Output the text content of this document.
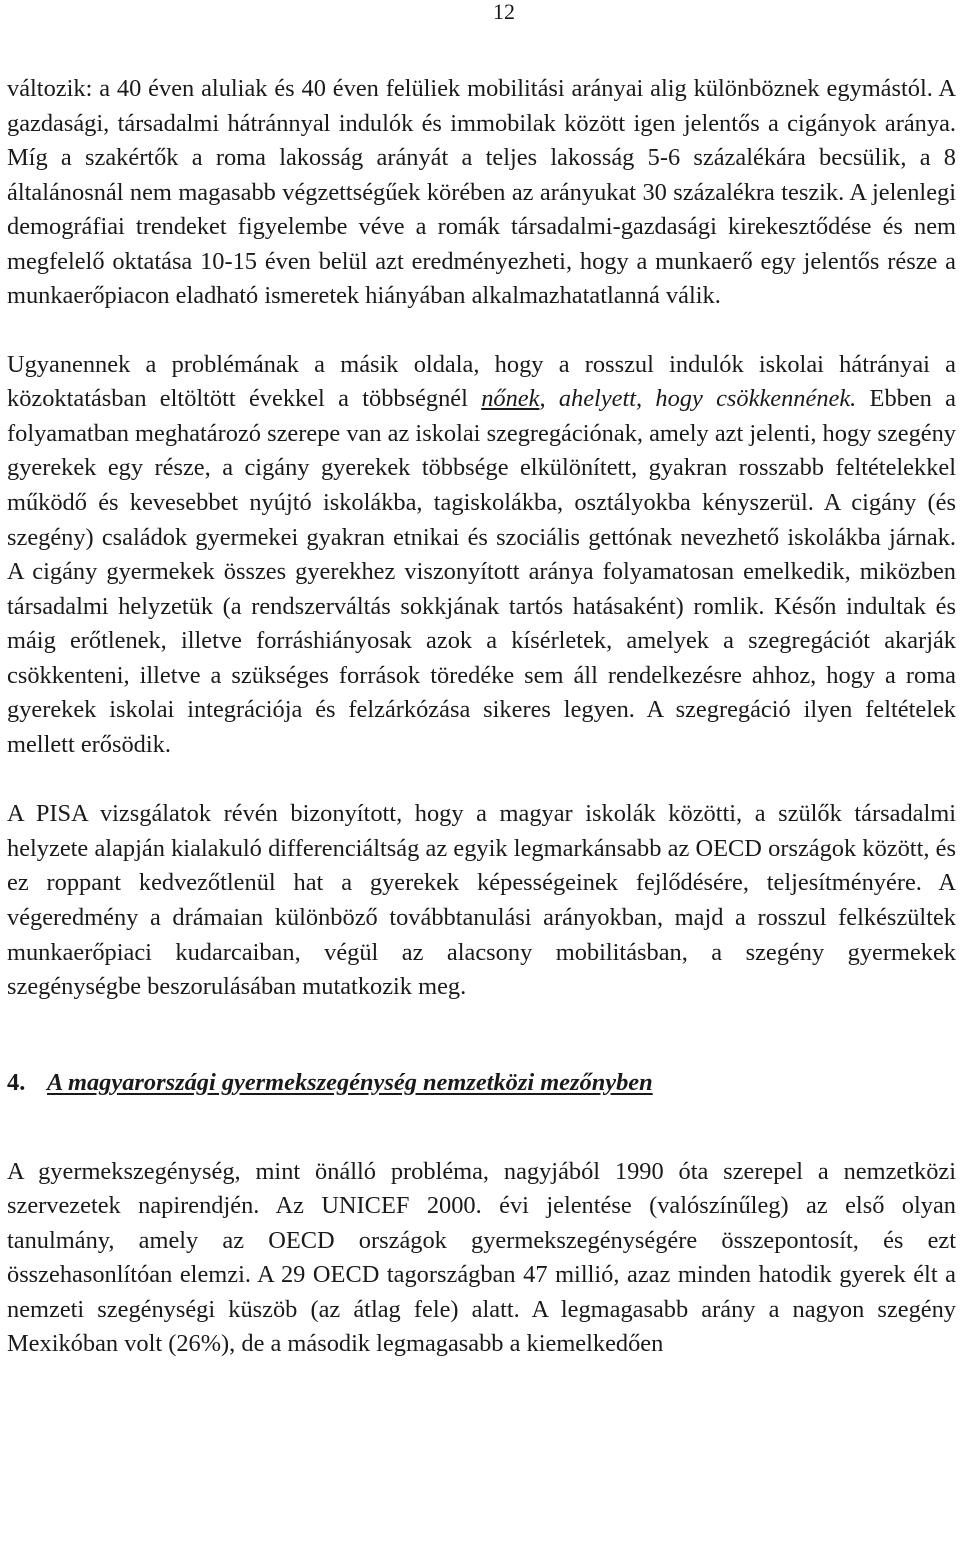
12

változik: a 40 éven aluliak és 40 éven felüliek mobilitási arányai alig különböznek egymástól. A gazdasági, társadalmi hátránnyal indulók és immobilak között igen jelentős a cigányok aránya. Míg a szakértők a roma lakosság arányát a teljes lakosság 5-6 százalékára becsülik, a 8 általánosnál nem magasabb végzettségűek körében az arányukat 30 százalékra teszik. A jelenlegi demográfiai trendeket figyelembe véve a romák társadalmi-gazdasági kirekesztődése és nem megfelelő oktatása 10-15 éven belül azt eredményezheti, hogy a munkaerő egy jelentős része a munkaerőpiacon eladható ismeretek hiányában alkalmazhatatlanná válik.

Ugyanennek a problémának a másik oldala, hogy a rosszul indulók iskolai hátrányai a közoktatásban eltöltött évekkel a többségnél nőnek, ahelyett, hogy csökkennének. Ebben a folyamatban meghatározó szerepe van az iskolai szegregációnak, amely azt jelenti, hogy szegény gyerekek egy része, a cigány gyerekek többsége elkülönített, gyakran rosszabb feltételekkel működő és kevesebbet nyújtó iskolákba, tagiskolákba, osztályokba kényszerül. A cigány (és szegény) családok gyermekei gyakran etnikai és szociális gettónak nevezhető iskolákba járnak. A cigány gyermekek összes gyerekhez viszonyított aránya folyamatosan emelkedik, miközben társadalmi helyzetük (a rendszerváltás sokkjának tartós hatásaként) romlik. Későn indultak és máig erőtlenek, illetve forráshiányosak azok a kísérletek, amelyek a szegregációt akarják csökkenteni, illetve a szükséges források töredéke sem áll rendelkezésre ahhoz, hogy a roma gyerekek iskolai integrációja és felzárkózása sikeres legyen. A szegregáció ilyen feltételek mellett erősödik.

A PISA vizsgálatok révén bizonyított, hogy a magyar iskolák közötti, a szülők társadalmi helyzete alapján kialakuló differenciáltság az egyik legmarkánsabb az OECD országok között, és ez roppant kedvezőtlenül hat a gyerekek képességeinek fejlődésére, teljesítményére. A végeredmény a drámaian különböző továbbtanulási arányokban, majd a rosszul felkészültek munkaerőpiaci kudarcaiban, végül az alacsony mobilitásban, a szegény gyermekek szegénységbe beszorulásában mutatkozik meg.

4. A magyarországi gyermekszegénység nemzetközi mezőnyben

A gyermekszegénység, mint önálló probléma, nagyjából 1990 óta szerepel a nemzetközi szervezetek napirendjén. Az UNICEF 2000. évi jelentése (valószínűleg) az első olyan tanulmány, amely az OECD országok gyermekszegénységére összepontosít, és ezt összehasonlítóan elemzi. A 29 OECD tagországban 47 millió, azaz minden hatodik gyerek élt a nemzeti szegénységi küszöb (az átlag fele) alatt. A legmagasabb arány a nagyon szegény Mexikóban volt (26%), de a második legmagasabb a kiemelkedően
